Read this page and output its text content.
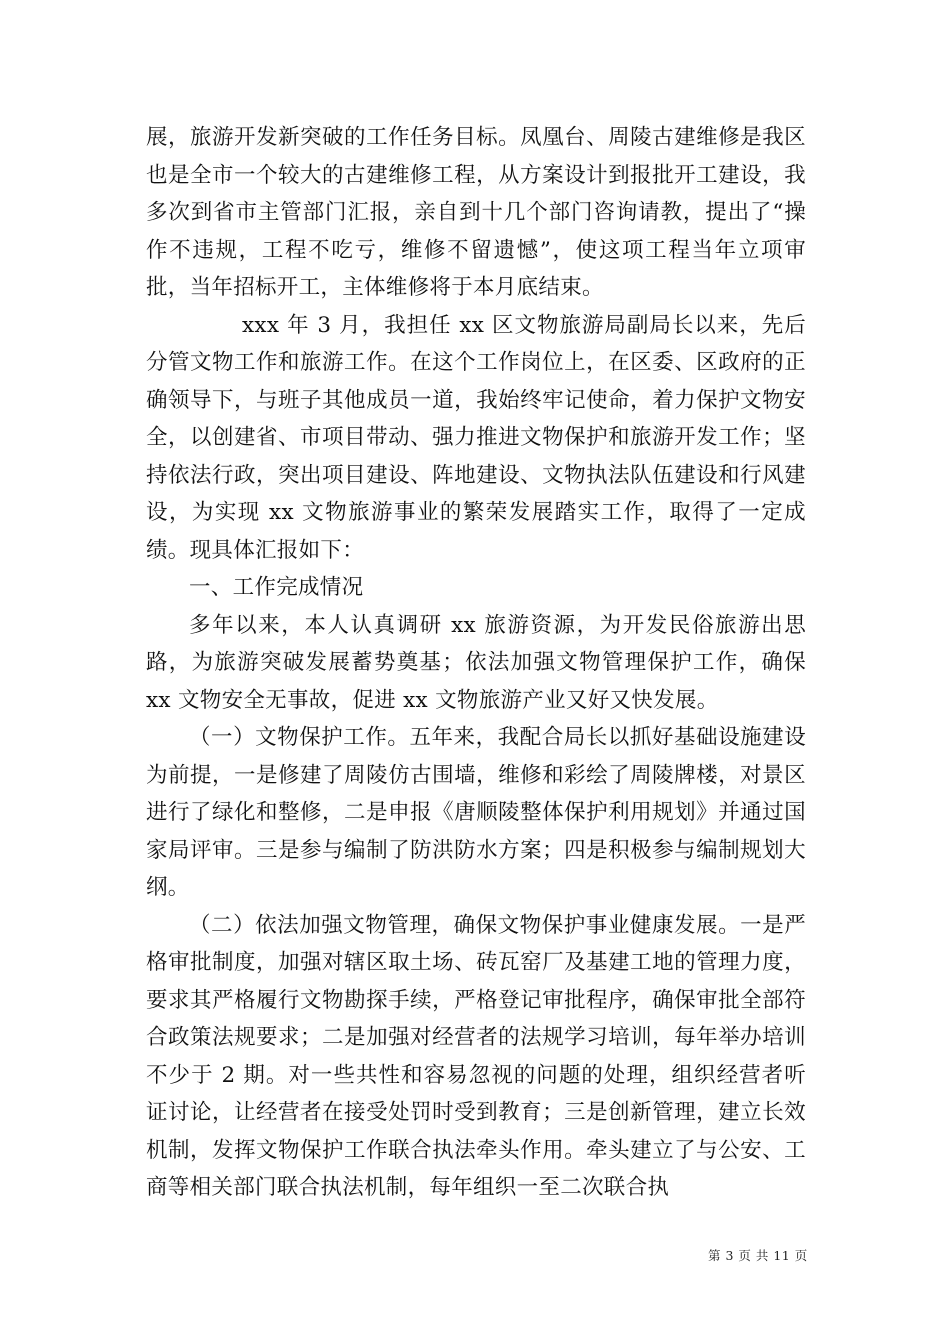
展，旅游开发新突破的工作任务目标。凤凰台、周陵古建维修是我区也是全市一个较大的古建维修工程，从方案设计到报批开工建设，我多次到省市主管部门汇报，亲自到十几个部门咨询请教，提出了“操作不违规，工程不吃亏，维修不留遗憾”，使这项工程当年立项审批，当年招标开工，主体维修将于本月底结束。

xxx 年 3 月，我担任 xx 区文物旅游局副局长以来，先后分管文物工作和旅游工作。在这个工作岗位上，在区委、区政府的正确领导下，与班子其他成员一道，我始终牢记使命，着力保护文物安全，以创建省、市项目带动、强力推进文物保护和旅游开发工作；坚持依法行政，突出项目建设、阵地建设、文物执法队伍建设和行风建设，为实现 xx 文物旅游事业的繁荣发展踏实工作，取得了一定成绩。现具体汇报如下：

一、工作完成情况

多年以来，本人认真调研 xx 旅游资源，为开发民俗旅游出思路，为旅游突破发展蓄势奠基；依法加强文物管理保护工作，确保 xx 文物安全无事故，促进 xx 文物旅游产业又好又快发展。

（一）文物保护工作。五年来，我配合局长以抓好基础设施建设为前提，一是修建了周陵仿古围墙，维修和彩绘了周陵牌楼，对景区进行了绿化和整修，二是申报《唐顺陵整体保护利用规划》并通过国家局评审。三是参与编制了防洪防水方案；四是积极参与编制规划大纲。

（二）依法加强文物管理，确保文物保护事业健康发展。一是严格审批制度，加强对辖区取土场、砖瓦窑厂及基建工地的管理力度，要求其严格履行文物勘探手续，严格登记审批程序，确保审批全部符合政策法规要求；二是加强对经营者的法规学习培训，每年举办培训不少于 2 期。对一些共性和容易忽视的问题的处理，组织经营者听证讨论，让经营者在接受处罚时受到教育；三是创新管理，建立长效机制，发挥文物保护工作联合执法牵头作用。牵头建立了与公安、工商等相关部门联合执法机制，每年组织一至二次联合执

第 3 页 共 11 页
